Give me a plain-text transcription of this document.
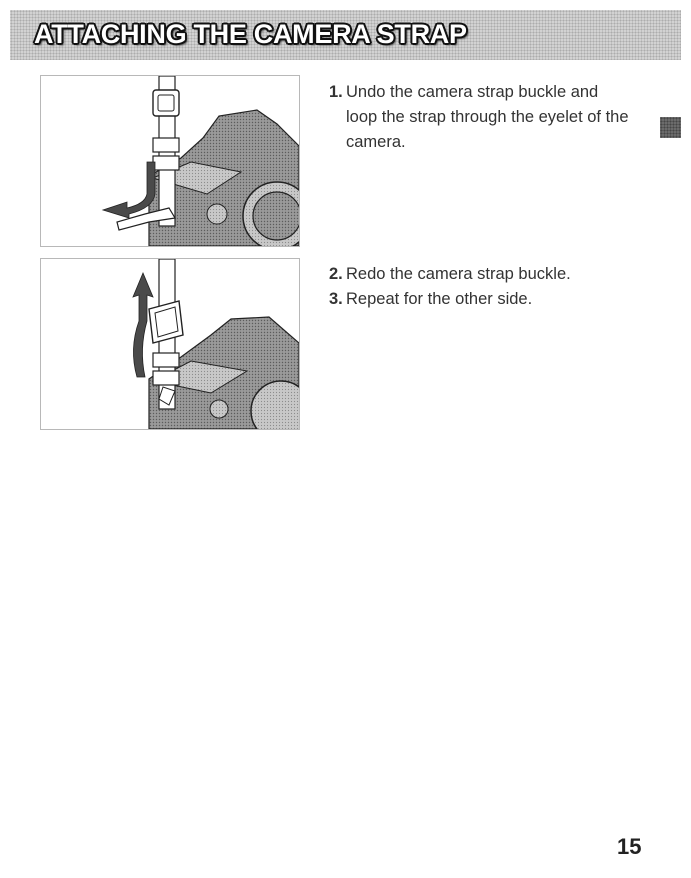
ATTACHING THE CAMERA STRAP
1. Undo the camera strap buckle and loop the strap through the eyelet of the camera.
2. Redo the camera strap buckle.
3. Repeat for the other side.
15
